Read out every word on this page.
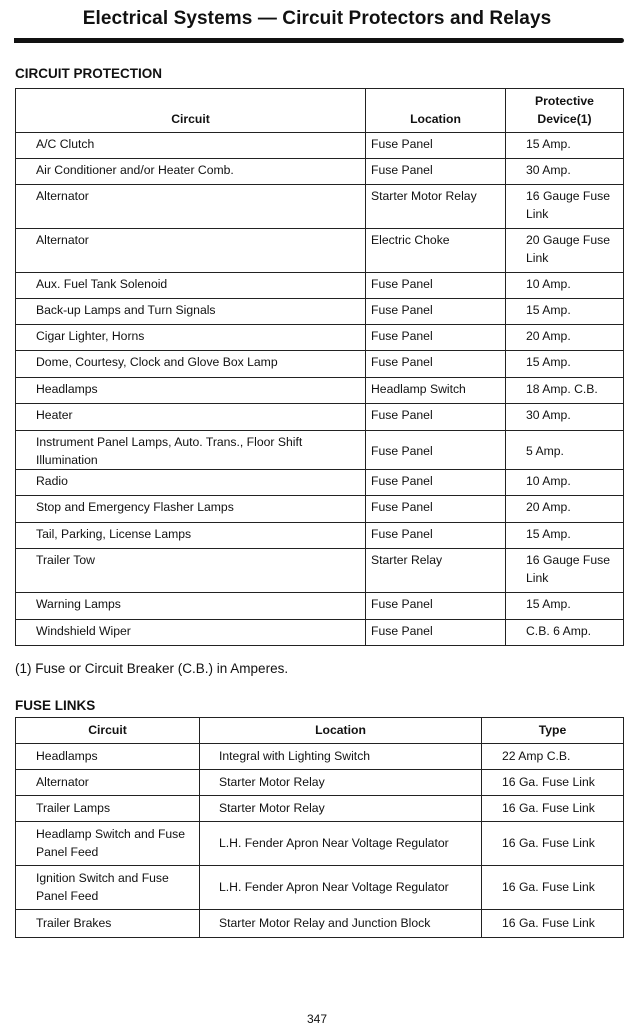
Electrical Systems — Circuit Protectors and Relays
CIRCUIT PROTECTION
Circuit	Location	Protective
Device(1)
A/C Clutch	Fuse Panel	15 Amp.
Air Conditioner and/or Heater Comb.	Fuse Panel	30 Amp.
Alternator	Starter Motor Relay	16 Gauge Fuse Link
Alternator	Electric Choke	20 Gauge Fuse Link
Aux. Fuel Tank Solenoid	Fuse Panel	10 Amp.
Back-up Lamps and Turn Signals	Fuse Panel	15 Amp.
Cigar Lighter, Horns	Fuse Panel	20 Amp.
Dome, Courtesy, Clock and Glove Box Lamp	Fuse Panel	15 Amp.
Headlamps	Headlamp Switch	18 Amp. C.B.
Heater	Fuse Panel	30 Amp.
Instrument Panel Lamps, Auto. Trans., Floor Shift Illumination	Fuse Panel	5 Amp.
Radio	Fuse Panel	10 Amp.
Stop and Emergency Flasher Lamps	Fuse Panel	20 Amp.
Tail, Parking, License Lamps	Fuse Panel	15 Amp.
Trailer Tow	Starter Relay	16 Gauge Fuse Link
Warning Lamps	Fuse Panel	15 Amp.
Windshield Wiper	Fuse Panel	C.B. 6 Amp.
(1) Fuse or Circuit Breaker (C.B.) in Amperes.
FUSE LINKS
Circuit	Location	Type
Headlamps	Integral with Lighting Switch	22 Amp C.B.
Alternator	Starter Motor Relay	16 Ga. Fuse Link
Trailer Lamps	Starter Motor Relay	16 Ga. Fuse Link
Headlamp Switch and Fuse Panel Feed	L.H. Fender Apron Near Voltage Regulator	16 Ga. Fuse Link
Ignition Switch and Fuse Panel Feed	L.H. Fender Apron Near Voltage Regulator	16 Ga. Fuse Link
Trailer Brakes	Starter Motor Relay and Junction Block	16 Ga. Fuse Link
347
